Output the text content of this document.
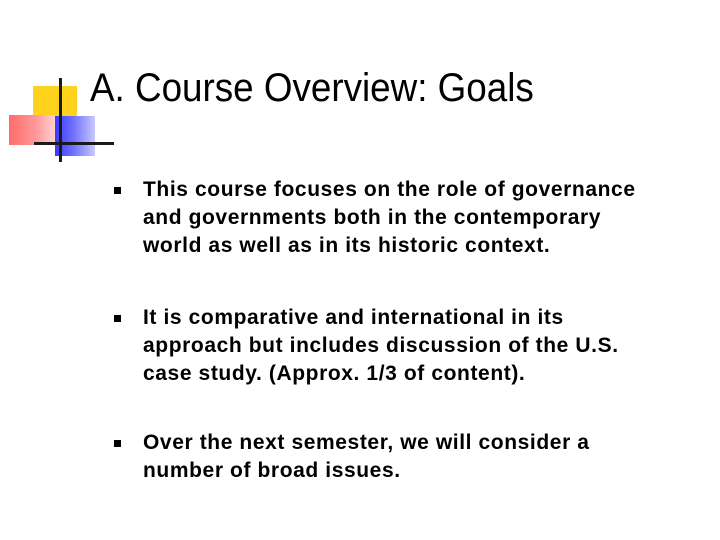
A. Course Overview: Goals
This course focuses on the role of governance
and governments both in the contemporary
world as well as in its historic context.
It is comparative and international in its
approach but includes discussion of the U.S.
case study. (Approx. 1/3 of content).
Over the next semester, we will consider a
number of broad issues.
